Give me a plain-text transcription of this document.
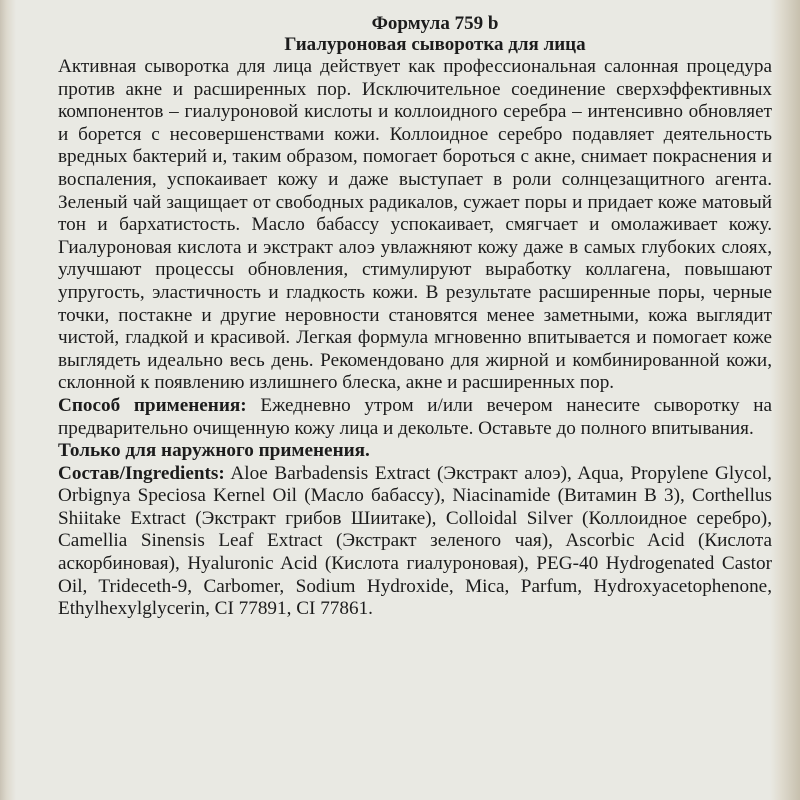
Формула 759 b
Гиалуроновая сыворотка для лица

Активная сыворотка для лица действует как профессиональная салонная процедура против акне и расширенных пор. Исключительное соединение сверхэффективных компонентов – гиалуроновой кислоты и коллоидного серебра – интенсивно обновляет и борется с несовершенствами кожи. Коллоидное серебро подавляет деятельность вредных бактерий и, таким образом, помогает бороться с акне, снимает покраснения и воспаления, успокаивает кожу и даже выступает в роли солнцезащитного агента. Зеленый чай защищает от свободных радикалов, сужает поры и придает коже матовый тон и бархатистость. Масло бабассу успокаивает, смягчает и омолаживает кожу. Гиалуроновая кислота и экстракт алоэ увлажняют кожу даже в самых глубоких слоях, улучшают процессы обновления, стимулируют выработку коллагена, повышают упругость, эластичность и гладкость кожи. В результате расширенные поры, черные точки, постакне и другие неровности становятся менее заметными, кожа выглядит чистой, гладкой и красивой. Легкая формула мгновенно впитывается и помогает коже выглядеть идеально весь день. Рекомендовано для жирной и комбинированной кожи, склонной к появлению излишнего блеска, акне и расширенных пор.

Способ применения: Ежедневно утром и/или вечером нанесите сыворотку на предварительно очищенную кожу лица и декольте. Оставьте до полного впитывания.

Только для наружного применения.

Состав/Ingredients: Aloe Barbadensis Extract (Экстракт алоэ), Aqua, Propylene Glycol, Orbignya Speciosa Kernel Oil (Масло бабассу), Niacinamide (Витамин В 3), Corthellus Shiitake Extract (Экстракт грибов Шиитаке), Colloidal Silver (Коллоидное серебро), Camellia Sinensis Leaf Extract (Экстракт зеленого чая), Ascorbic Acid (Кислота аскорбиновая), Hyaluronic Acid (Кислота гиалуроновая), PEG-40 Hydrogenated Castor Oil, Trideceth-9, Carbomer, Sodium Hydroxide, Mica, Parfum, Hydroxyacetophenone, Ethylhexylglycerin, CI 77891, CI 77861.
